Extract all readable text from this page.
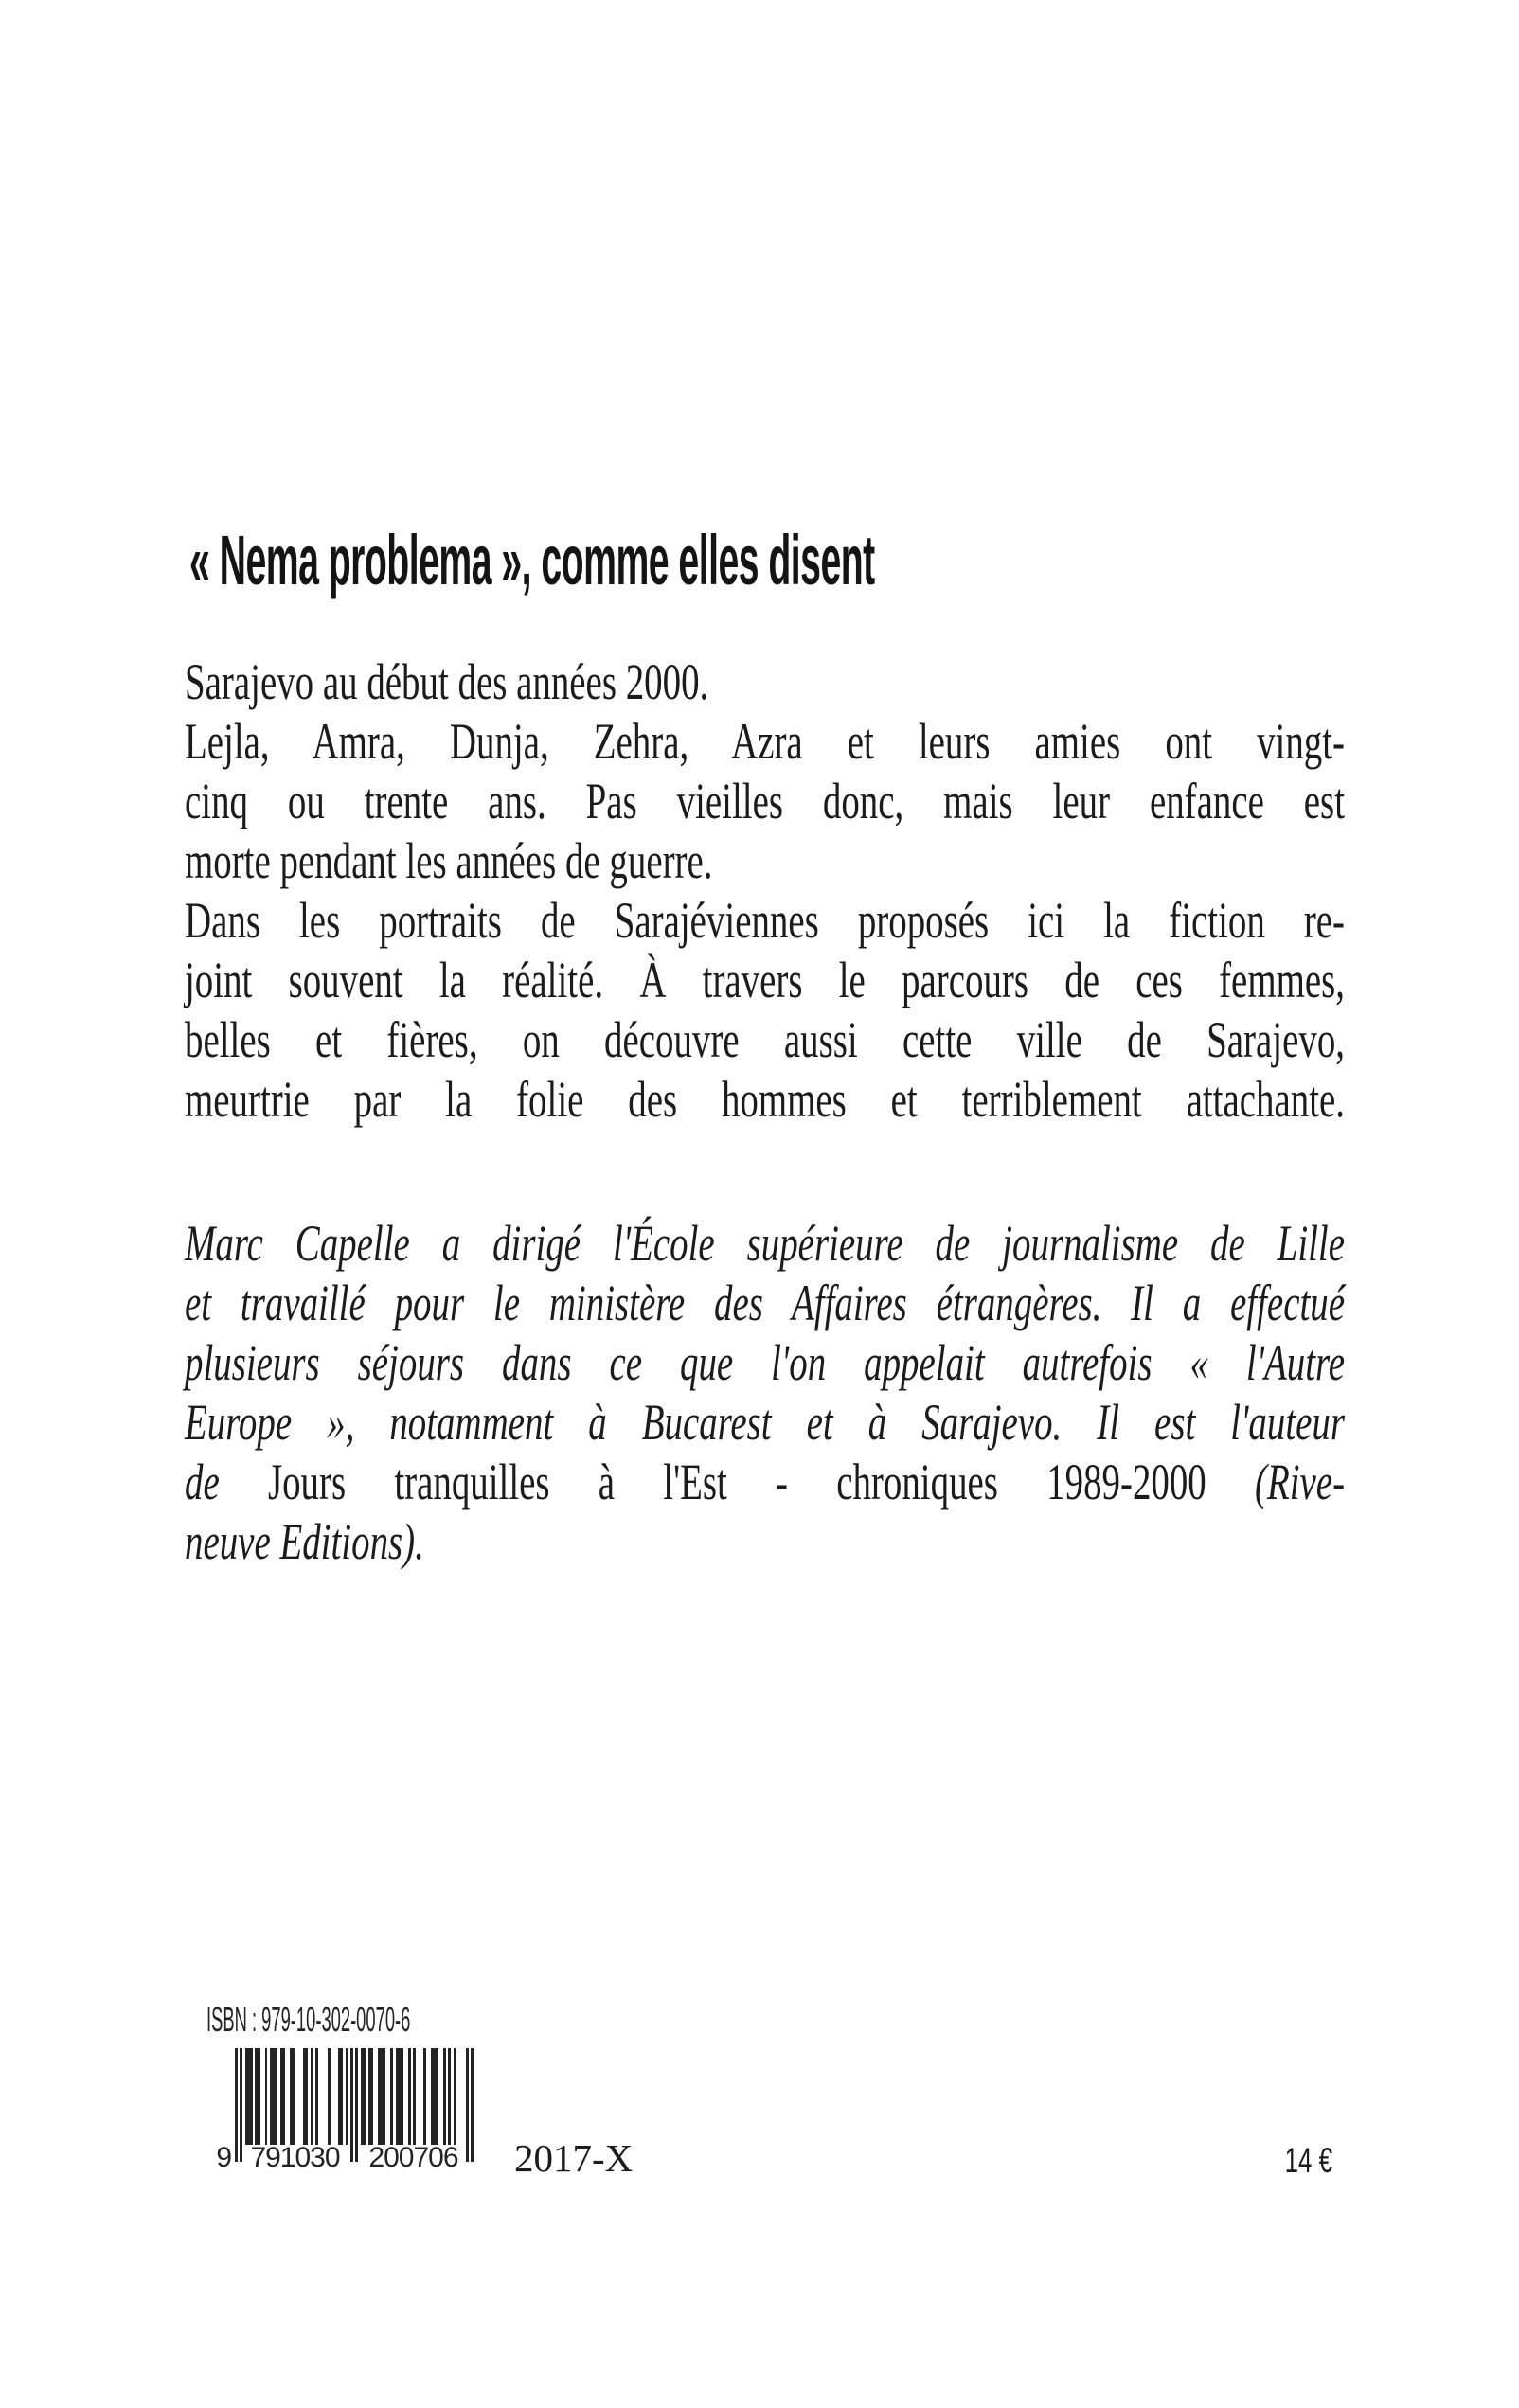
« Nema problema », comme elles disent
Sarajevo au début des années 2000.
Lejla, Amra, Dunja, Zehra, Azra et leurs amies ont vingt-
cinq ou trente ans. Pas vieilles donc, mais leur enfance est
morte pendant les années de guerre.
Dans les portraits de Sarajéviennes proposés ici la fiction re-
joint souvent la réalité. À travers le parcours de ces femmes,
belles et fières, on découvre aussi cette ville de Sarajevo,
meurtrie par la folie des hommes et terriblement attachante.
Marc Capelle a dirigé l'École supérieure de journalisme de Lille
et travaillé pour le ministère des Affaires étrangères. Il a effectué
plusieurs séjours dans ce que l'on appelait autrefois « l'Autre
Europe », notamment à Bucarest et à Sarajevo. Il est l'auteur
de Jours tranquilles à l'Est - chroniques 1989-2000 (Rive-
neuve Editions).
ISBN : 979-10-302-0070-6
9 791030 200706 2017-X	14 €
